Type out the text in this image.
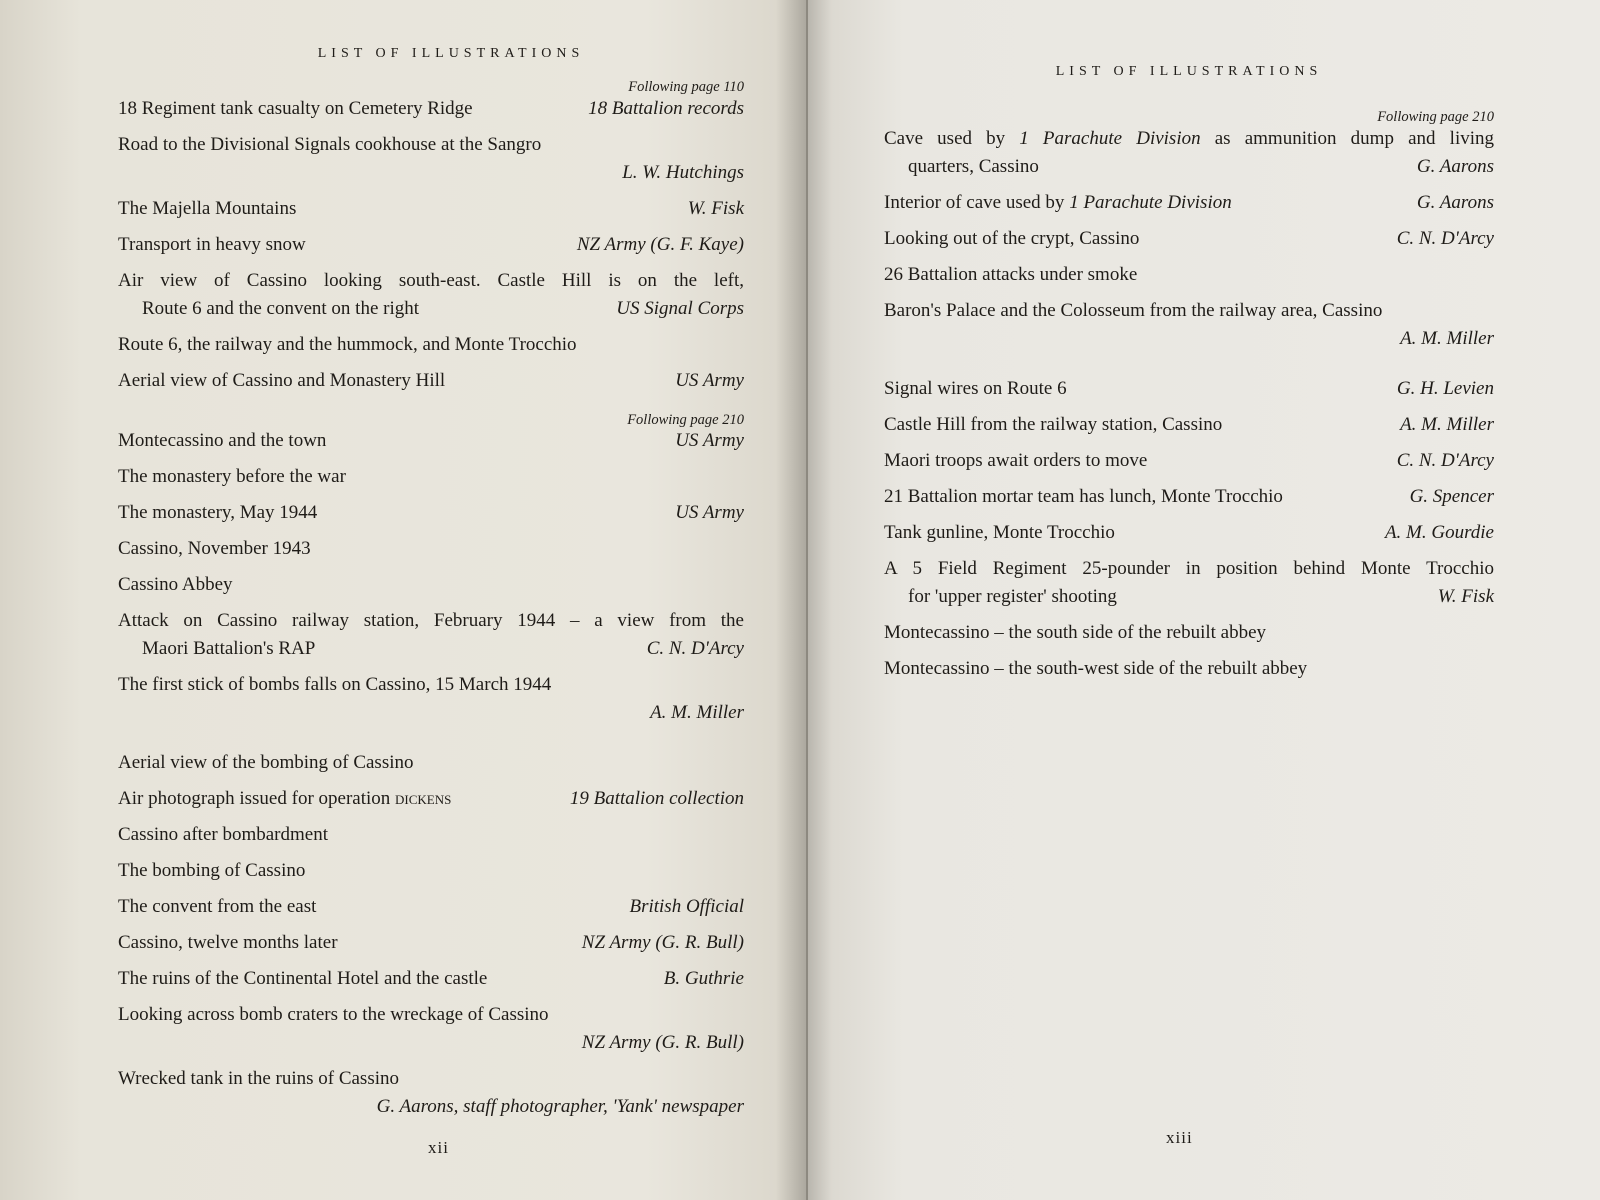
LIST OF ILLUSTRATIONS
Following page 110
18 Regiment tank casualty on Cemetery Ridge	18 Battalion records
Road to the Divisional Signals cookhouse at the Sangro
L. W. Hutchings
The Majella Mountains	W. Fisk
Transport in heavy snow	NZ Army (G. F. Kaye)
Air view of Cassino looking south-east. Castle Hill is on the left,
Route 6 and the convent on the right	US Signal Corps
Route 6, the railway and the hummock, and Monte Trocchio
Aerial view of Cassino and Monastery Hill	US Army
Following page 210
Montecassino and the town	US Army
The monastery before the war
The monastery, May 1944	US Army
Cassino, November 1943
Cassino Abbey
Attack on Cassino railway station, February 1944 – a view from the
Maori Battalion's RAP	C. N. D'Arcy
The first stick of bombs falls on Cassino, 15 March 1944
A. M. Miller
Aerial view of the bombing of Cassino
Air photograph issued for operation dickens	19 Battalion collection
Cassino after bombardment
The bombing of Cassino
The convent from the east	British Official
Cassino, twelve months later	NZ Army (G. R. Bull)
The ruins of the Continental Hotel and the castle	B. Guthrie
Looking across bomb craters to the wreckage of Cassino
NZ Army (G. R. Bull)
Wrecked tank in the ruins of Cassino
G. Aarons, staff photographer, 'Yank' newspaper
xii
LIST OF ILLUSTRATIONS
Following page 210
Cave used by 1 Parachute Division as ammunition dump and living
quarters, Cassino	G. Aarons
Interior of cave used by 1 Parachute Division	G. Aarons
Looking out of the crypt, Cassino	C. N. D'Arcy
26 Battalion attacks under smoke
Baron's Palace and the Colosseum from the railway area, Cassino
A. M. Miller
Signal wires on Route 6	G. H. Levien
Castle Hill from the railway station, Cassino	A. M. Miller
Maori troops await orders to move	C. N. D'Arcy
21 Battalion mortar team has lunch, Monte Trocchio	G. Spencer
Tank gunline, Monte Trocchio	A. M. Gourdie
A 5 Field Regiment 25-pounder in position behind Monte Trocchio
for 'upper register' shooting	W. Fisk
Montecassino – the south side of the rebuilt abbey
Montecassino – the south-west side of the rebuilt abbey
xiii
